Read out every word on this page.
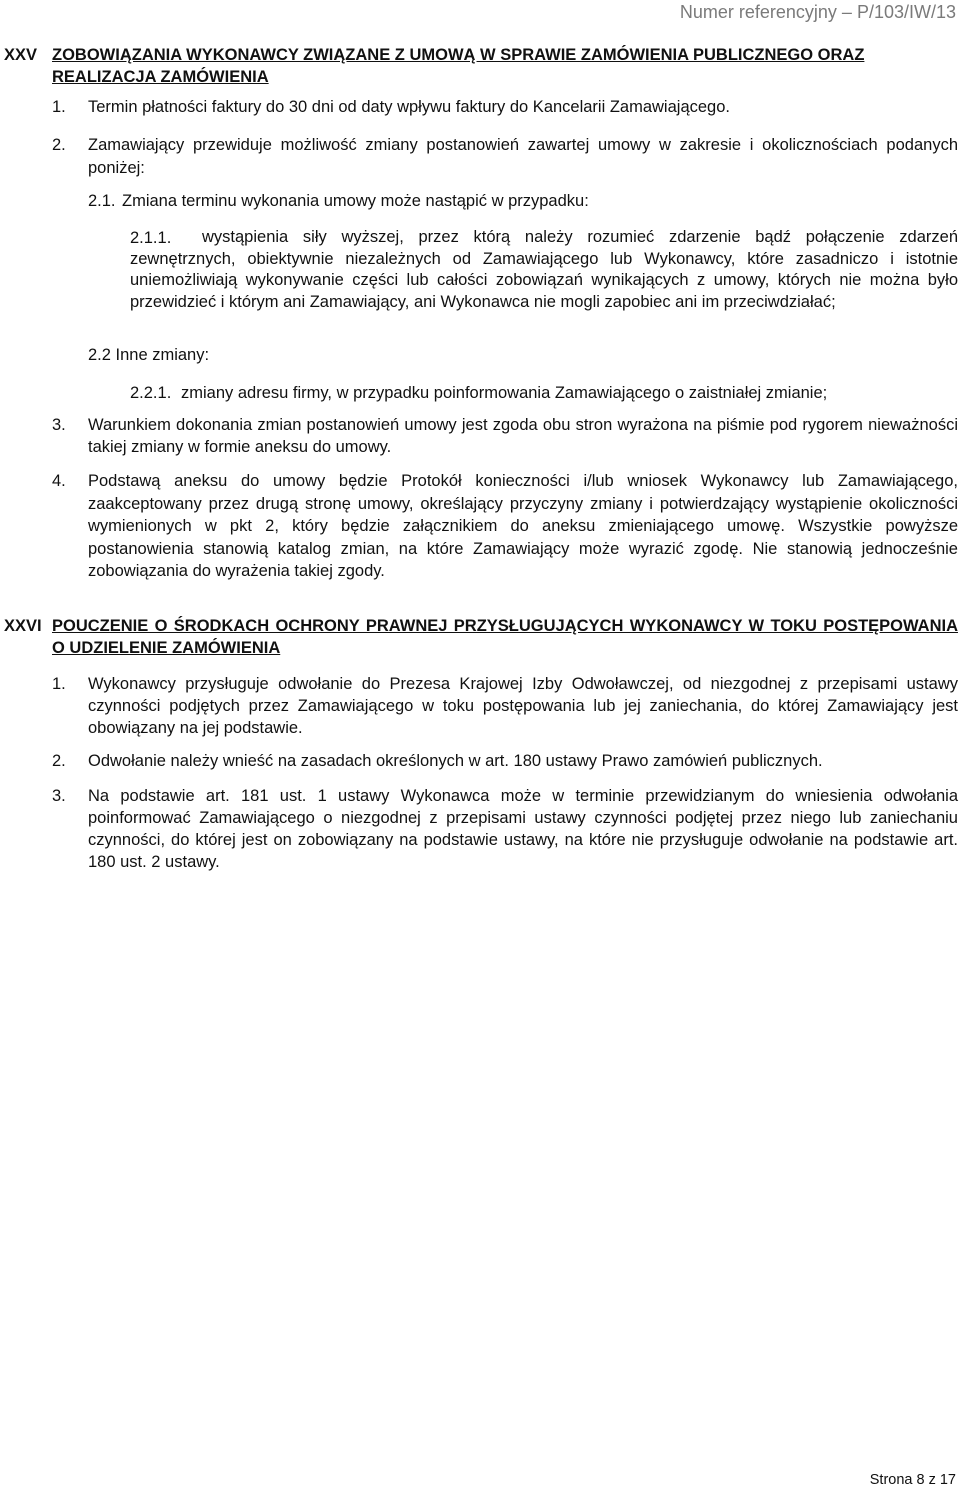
Numer referencyjny – P/103/IW/13
XXV ZOBOWIĄZANIA WYKONAWCY ZWIĄZANE Z UMOWĄ W SPRAWIE ZAMÓWIENIA PUBLICZNEGO ORAZ REALIZACJA ZAMÓWIENIA
1. Termin płatności faktury do 30 dni od daty wpływu faktury do Kancelarii Zamawiającego.
2. Zamawiający przewiduje możliwość zmiany postanowień zawartej umowy w zakresie i okolicznościach podanych poniżej:
2.1. Zmiana terminu wykonania umowy może nastąpić w przypadku:
2.1.1.	wystąpienia siły wyższej, przez którą należy rozumieć zdarzenie bądź połączenie zdarzeń zewnętrznych, obiektywnie niezależnych od Zamawiającego lub Wykonawcy, które zasadniczo i istotnie uniemożliwiają wykonywanie części lub całości zobowiązań wynikających z umowy, których nie można było przewidzieć i którym ani Zamawiający, ani Wykonawca nie mogli zapobiec ani im przeciwdziałać;
2.2 Inne zmiany:
2.2.1. zmiany adresu firmy, w przypadku poinformowania Zamawiającego o zaistniałej zmianie;
3. Warunkiem dokonania zmian postanowień umowy jest zgoda obu stron wyrażona na piśmie pod rygorem nieważności takiej zmiany w formie aneksu do umowy.
4. Podstawą aneksu do umowy będzie Protokół konieczności i/lub wniosek Wykonawcy lub Zamawiającego, zaakceptowany przez drugą stronę umowy, określający przyczyny zmiany i potwierdzający wystąpienie okoliczności wymienionych w pkt 2, który będzie załącznikiem do aneksu zmieniającego umowę. Wszystkie powyższe postanowienia stanowią katalog zmian, na które Zamawiający może wyrazić zgodę. Nie stanowią jednocześnie zobowiązania do wyrażenia takiej zgody.
XXVI POUCZENIE O ŚRODKACH OCHRONY PRAWNEJ PRZYSŁUGUJĄCYCH WYKONAWCY W TOKU POSTĘPOWANIA O UDZIELENIE ZAMÓWIENIA
1. Wykonawcy przysługuje odwołanie do Prezesa Krajowej Izby Odwoławczej, od niezgodnej z przepisami ustawy czynności podjętych przez Zamawiającego w toku postępowania lub jej zaniechania, do której Zamawiający jest obowiązany na jej podstawie.
2. Odwołanie należy wnieść na zasadach określonych w art. 180 ustawy Prawo zamówień publicznych.
3. Na podstawie art. 181 ust. 1 ustawy Wykonawca może w terminie przewidzianym do wniesienia odwołania poinformować Zamawiającego o niezgodnej z przepisami ustawy czynności podjętej przez niego lub zaniechaniu czynności, do której jest on zobowiązany na podstawie ustawy, na które nie przysługuje odwołanie na podstawie art. 180 ust. 2 ustawy.
Strona 8 z 17
